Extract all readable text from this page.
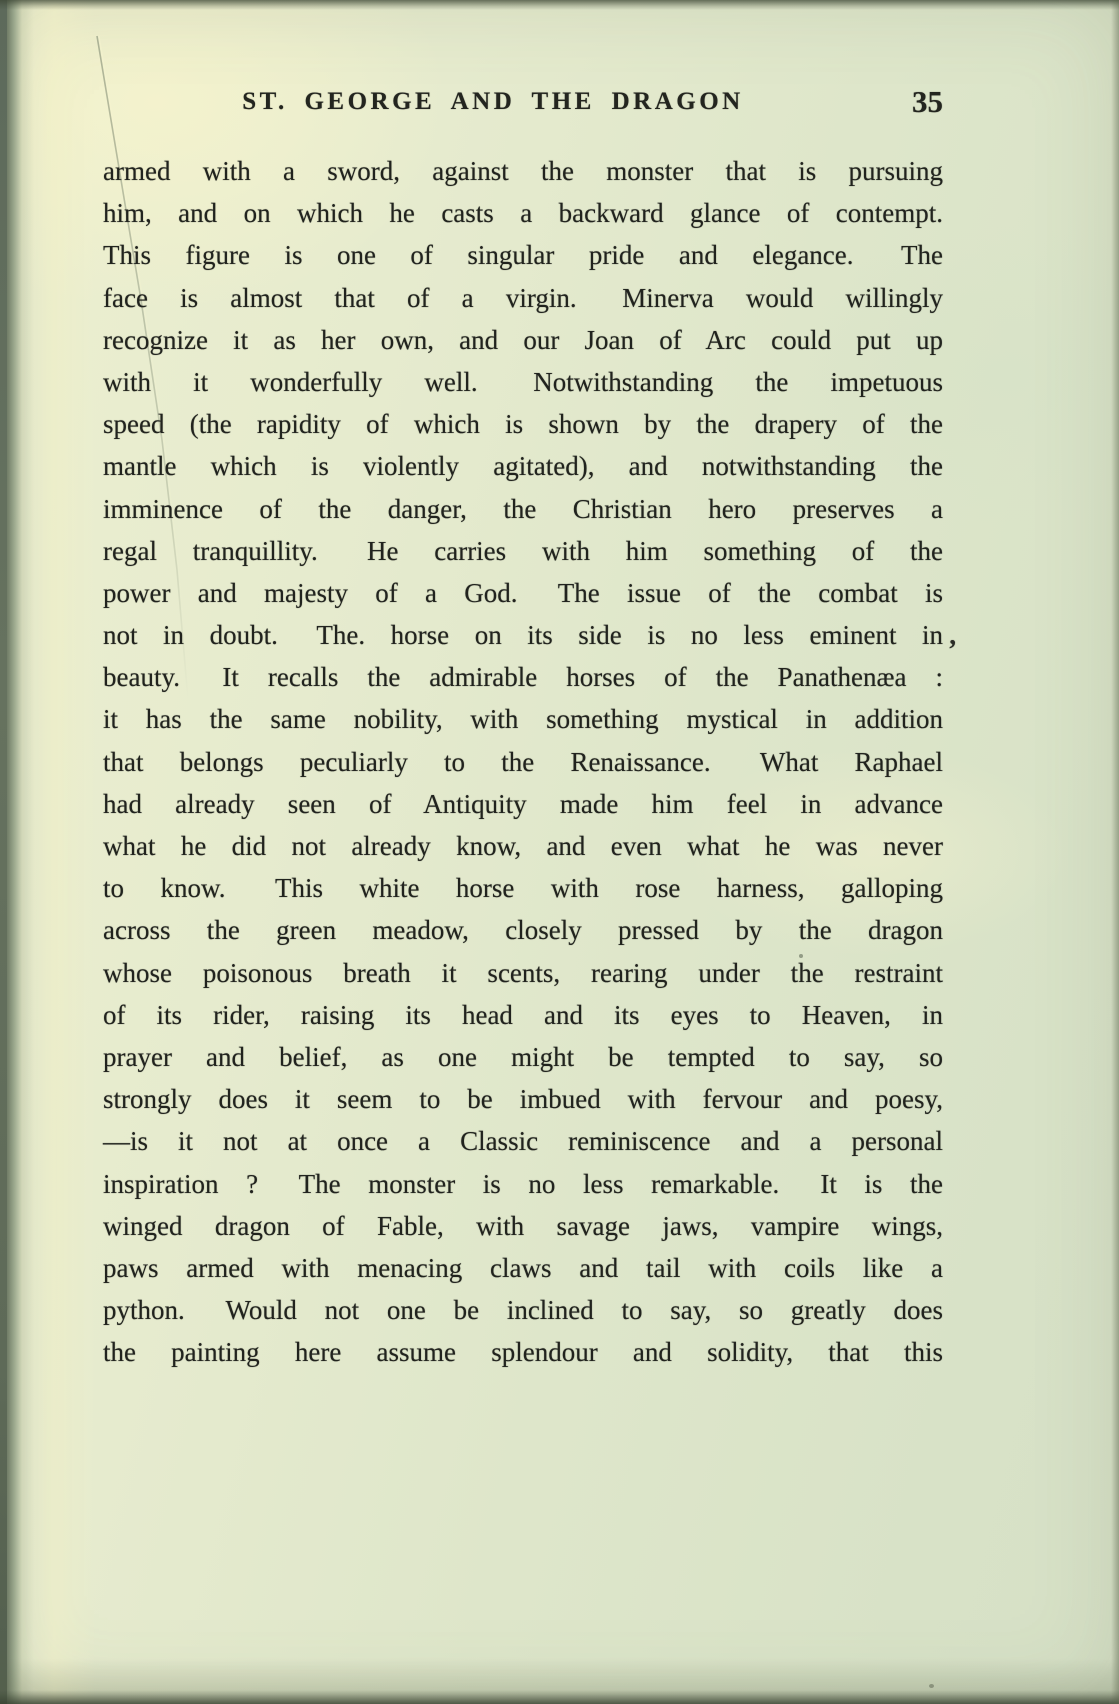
ST. GEORGE AND THE DRAGON	35
armed with a sword, against the monster that is pursuing
him, and on which he casts a backward glance of contempt.
This figure is one of singular pride and elegance.  The
face is almost that of a virgin.  Minerva would willingly
recognize it as her own, and our Joan of Arc could put up
with it wonderfully well.  Notwithstanding the impetuous
speed (the rapidity of which is shown by the drapery of the
mantle which is violently agitated), and notwithstanding the
imminence of the danger, the Christian hero preserves a
regal tranquillity.  He carries with him something of the
power and majesty of a God.  The issue of the combat is
not in doubt.  The. horse on its side is no less eminent in
beauty.  It recalls the admirable horses of the Panathenæa :
it has the same nobility, with something mystical in addition
that belongs peculiarly to the Renaissance.  What Raphael
had already seen of Antiquity made him feel in advance
what he did not already know, and even what he was never
to know.  This white horse with rose harness, galloping
across the green meadow, closely pressed by the dragon
whose poisonous breath it scents, rearing under the restraint
of its rider, raising its head and its eyes to Heaven, in
prayer and belief, as one might be tempted to say, so
strongly does it seem to be imbued with fervour and poesy,
—is it not at once a Classic reminiscence and a personal
inspiration ?  The monster is no less remarkable.  It is the
winged dragon of Fable, with savage jaws, vampire wings,
paws armed with menacing claws and tail with coils like a
python.  Would not one be inclined to say, so greatly does
the painting here assume splendour and solidity, that this
’
